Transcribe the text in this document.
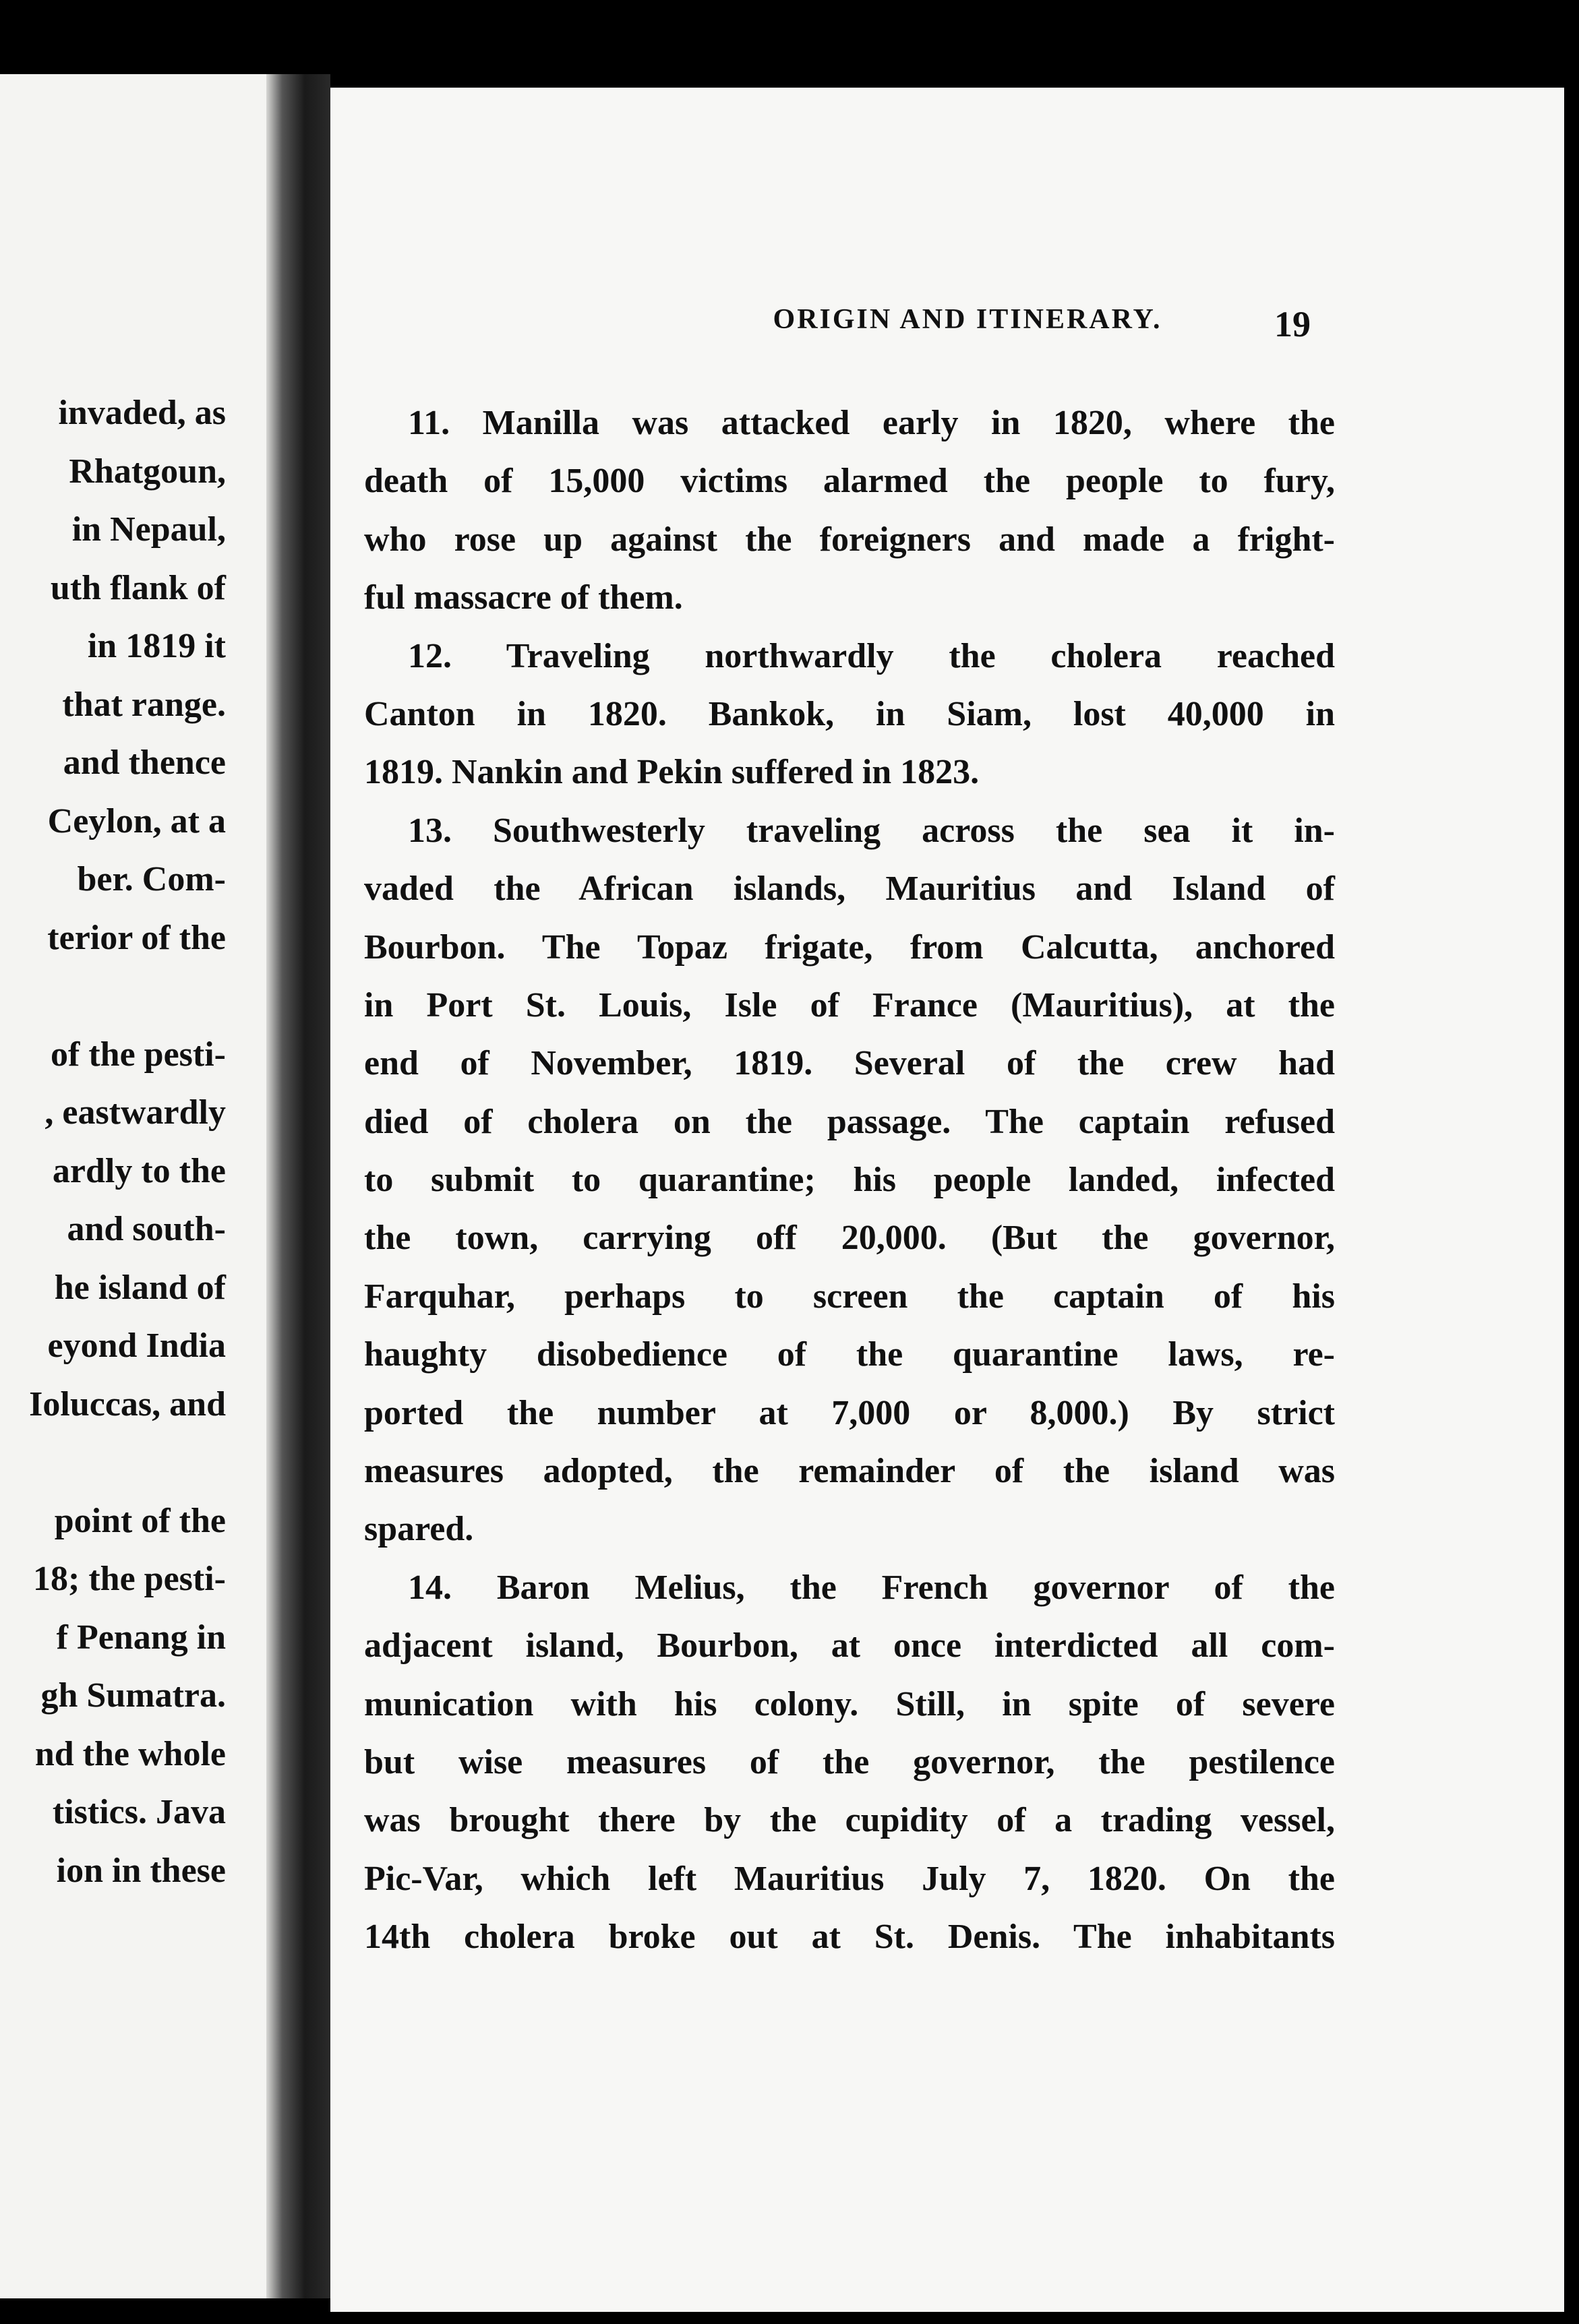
invaded, as
Rhatgoun,
in Nepaul,
uth flank of
in 1819 it
that range.
and thence
Ceylon, at a
ber. Com-
terior of the
of the pesti-
, eastwardly
ardly to the
and south-
he island of
eyond India
Ioluccas, and
point of the
18; the pesti-
f Penang in
gh Sumatra.
nd the whole
tistics. Java
ion in these
ORIGIN AND ITINERARY.	19
11. Manilla was attacked early in 1820, where the
death of 15,000 victims alarmed the people to fury,
who rose up against the foreigners and made a fright-
ful massacre of them.
12. Traveling northwardly the cholera reached
Canton in 1820. Bankok, in Siam, lost 40,000 in
1819. Nankin and Pekin suffered in 1823.
13. Southwesterly traveling across the sea it in-
vaded the African islands, Mauritius and Island of
Bourbon. The Topaz frigate, from Calcutta, anchored
in Port St. Louis, Isle of France (Mauritius), at the
end of November, 1819. Several of the crew had
died of cholera on the passage. The captain refused
to submit to quarantine; his people landed, infected
the town, carrying off 20,000. (But the governor,
Farquhar, perhaps to screen the captain of his
haughty disobedience of the quarantine laws, re-
ported the number at 7,000 or 8,000.) By strict
measures adopted, the remainder of the island was
spared.
14. Baron Melius, the French governor of the
adjacent island, Bourbon, at once interdicted all com-
munication with his colony. Still, in spite of severe
but wise measures of the governor, the pestilence
was brought there by the cupidity of a trading vessel,
Pic-Var, which left Mauritius July 7, 1820. On the
14th cholera broke out at St. Denis. The inhabitants
